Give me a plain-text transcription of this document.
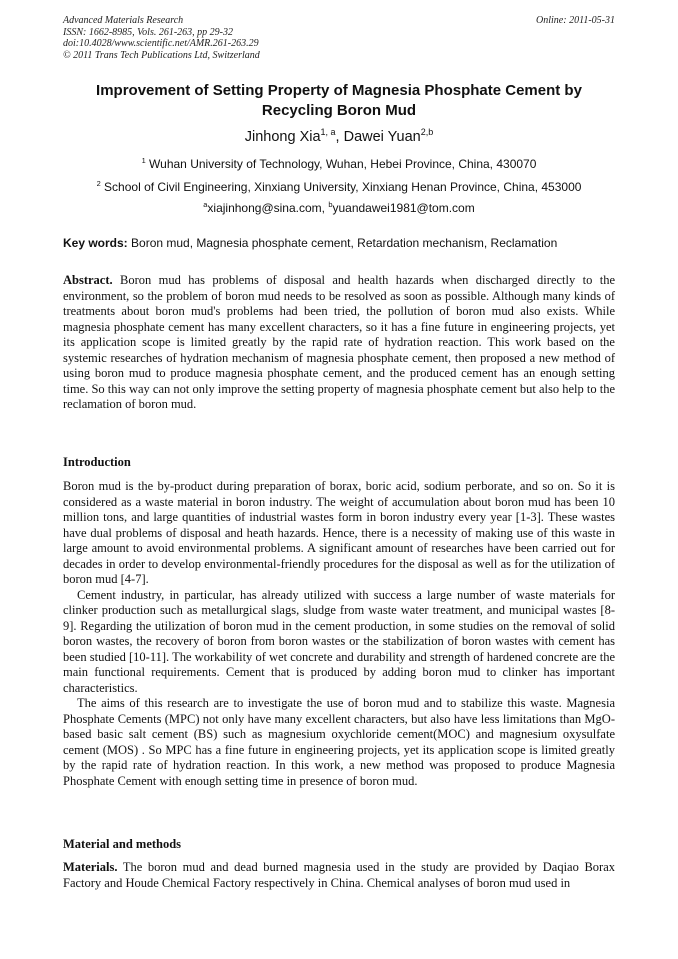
Advanced Materials Research
ISSN: 1662-8985, Vols. 261-263, pp 29-32
doi:10.4028/www.scientific.net/AMR.261-263.29
© 2011 Trans Tech Publications Ltd, Switzerland
Online: 2011-05-31
Improvement of Setting Property of Magnesia Phosphate Cement by Recycling Boron Mud
Jinhong Xia$^{1, a}$, Dawei Yuan$^{2,b}$
$^1$ Wuhan University of Technology, Wuhan, Hebei Province, China, 430070
$^2$ School of Civil Engineering, Xinxiang University, Xinxiang Henan Province, China, 453000
$^a$xiajinhong@sina.com, $^b$yuandawei1981@tom.com
Key words: Boron mud, Magnesia phosphate cement, Retardation mechanism, Reclamation
Abstract. Boron mud has problems of disposal and health hazards when discharged directly to the environment, so the problem of boron mud needs to be resolved as soon as possible. Although many kinds of treatments about boron mud's problems had been tried, the pollution of boron mud also exists. While magnesia phosphate cement has many excellent characters, so it has a fine future in engineering projects, yet its application scope is limited greatly by the rapid rate of hydration reaction. This work based on the systemic researches of hydration mechanism of magnesia phosphate cement, then proposed a new method of using boron mud to produce magnesia phosphate cement, and the produced cement has an enough setting time. So this way can not only improve the setting property of magnesia phosphate cement but also help to the reclamation of boron mud.
Introduction

Boron mud is the by-product during preparation of borax, boric acid, sodium perborate, and so on. So it is considered as a waste material in boron industry. The weight of accumulation about boron mud has been 10 million tons, and large quantities of industrial wastes form in boron industry every year [1-3]. These wastes have dual problems of disposal and heath hazards. Hence, there is a necessity of making use of this waste in large amount to avoid environmental problems. A significant amount of researches have been carried out for decades in order to develop environmental-friendly procedures for the disposal as well as for the utilization of boron mud [4-7].

Cement industry, in particular, has already utilized with success a large number of waste materials for clinker production such as metallurgical slags, sludge from waste water treatment, and municipal wastes [8-9]. Regarding the utilization of boron mud in the cement production, in some studies on the removal of solid boron wastes, the recovery of boron from boron wastes or the stabilization of boron wastes with cement has been studied [10-11]. The workability of wet concrete and durability and strength of hardened concrete are the main functional requirements. Cement that is produced by adding boron mud to clinker has important characteristics.

The aims of this research are to investigate the use of boron mud and to stabilize this waste. Magnesia Phosphate Cements (MPC) not only have many excellent characters, but also have less limitations than MgO-based basic salt cement (BS) such as magnesium oxychloride cement(MOC) and magnesium oxysulfate cement (MOS) . So MPC has a fine future in engineering projects, yet its application scope is limited greatly by the rapid rate of hydration reaction. In this work, a new method was proposed to produce Magnesia Phosphate Cement with enough setting time in presence of boron mud.

Material and methods
Materials. The boron mud and dead burned magnesia used in the study are provided by Daqiao Borax Factory and Houde Chemical Factory respectively in China. Chemical analyses of boron mud used in
